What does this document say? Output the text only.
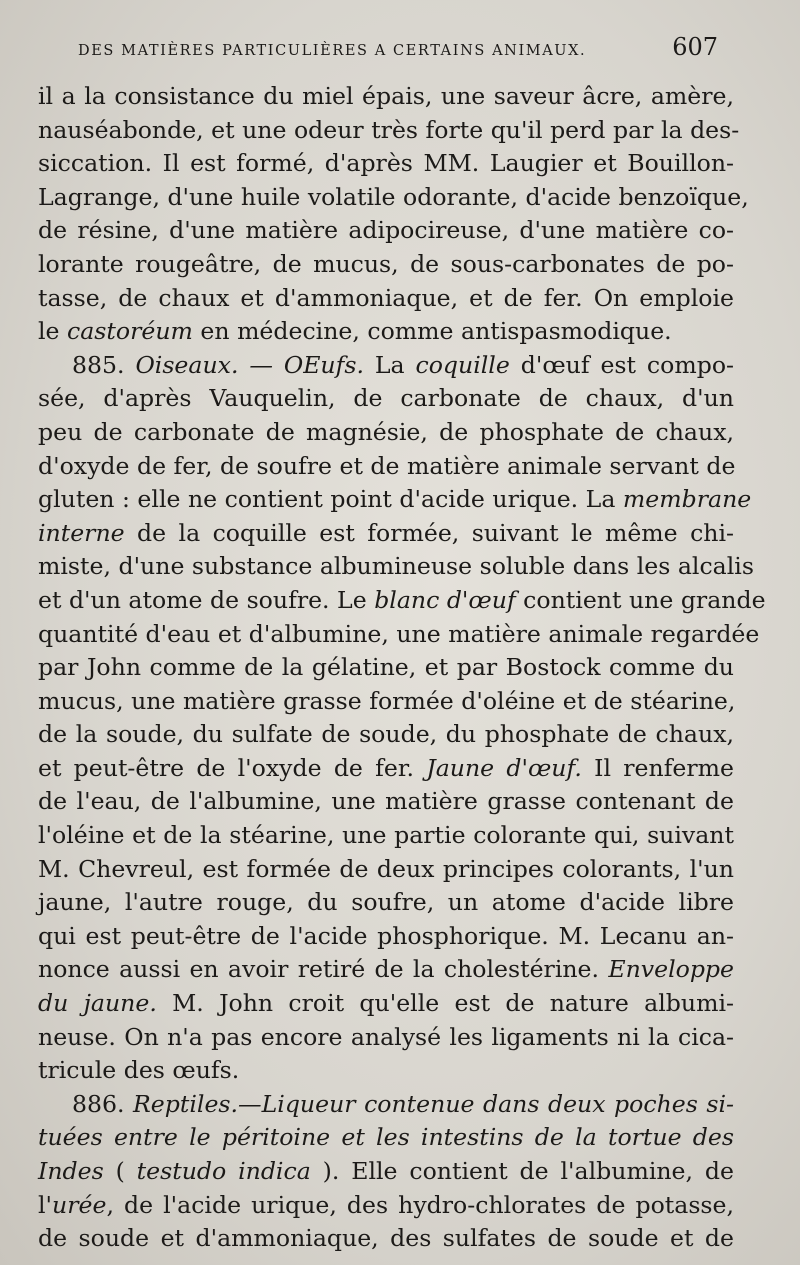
DES MATIÈRES PARTICULIÈRES A CERTAINS ANIMAUX.	607
il a la consistance du miel épais, une saveur âcre, amère,
nauséabonde, et une odeur très forte qu'il perd par la des-
siccation. Il est formé, d'après MM. Laugier et Bouillon-
Lagrange, d'une huile volatile odorante, d'acide benzoïque,
de résine, d'une matière adipocireuse, d'une matière co-
lorante rougeâtre, de mucus, de sous-carbonates de po-
tasse, de chaux et d'ammoniaque, et de fer. On emploie
le castoréum en médecine, comme antispasmodique.
885. Oiseaux. — OEufs. La coquille d'œuf est compo-
sée, d'après Vauquelin, de carbonate de chaux, d'un
peu de carbonate de magnésie, de phosphate de chaux,
d'oxyde de fer, de soufre et de matière animale servant de
gluten : elle ne contient point d'acide urique. La membrane
interne de la coquille est formée, suivant le même chi-
miste, d'une substance albumineuse soluble dans les alcalis
et d'un atome de soufre. Le blanc d'œuf contient une grande
quantité d'eau et d'albumine, une matière animale regardée
par John comme de la gélatine, et par Bostock comme du
mucus, une matière grasse formée d'oléine et de stéarine,
de la soude, du sulfate de soude, du phosphate de chaux,
et peut-être de l'oxyde de fer. Jaune d'œuf. Il renferme
de l'eau, de l'albumine, une matière grasse contenant de
l'oléine et de la stéarine, une partie colorante qui, suivant
M. Chevreul, est formée de deux principes colorants, l'un
jaune, l'autre rouge, du soufre, un atome d'acide libre
qui est peut-être de l'acide phosphorique. M. Lecanu an-
nonce aussi en avoir retiré de la cholestérine. Enveloppe
du jaune. M. John croit qu'elle est de nature albumi-
neuse. On n'a pas encore analysé les ligaments ni la cica-
tricule des œufs.
886. Reptiles.—Liqueur contenue dans deux poches si-
tuées entre le péritoine et les intestins de la tortue des
Indes ( testudo indica ). Elle contient de l'albumine, de
l'urée, de l'acide urique, des hydro-chlorates de potasse,
de soude et d'ammoniaque, des sulfates de soude et de
